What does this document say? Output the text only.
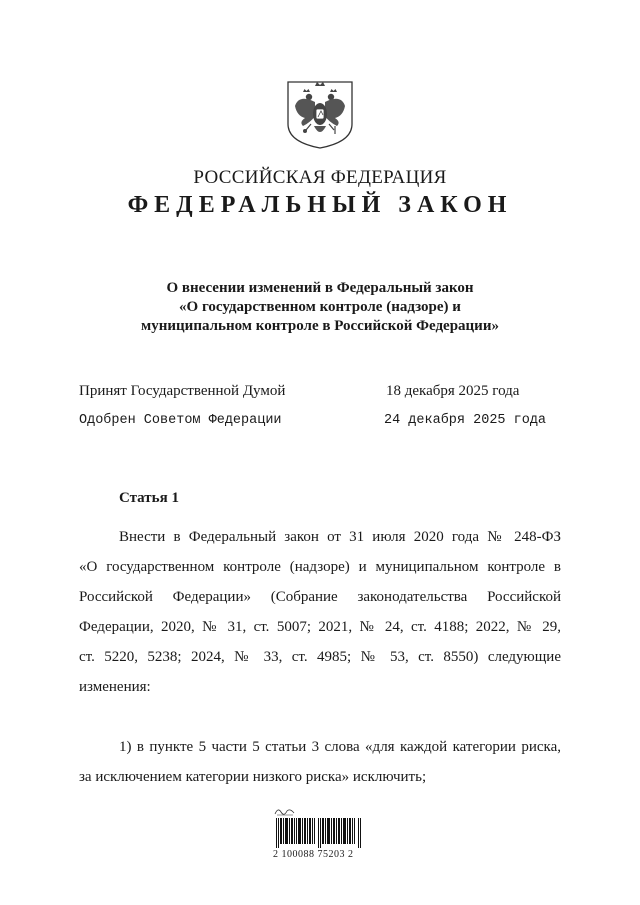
РОССИЙСКАЯ ФЕДЕРАЦИЯ
ФЕДЕРАЛЬНЫЙ ЗАКОН
О внесении изменений в Федеральный закон
«О государственном контроле (надзоре) и
муниципальном контроле в Российской Федерации»
Принят Государственной Думой	18 декабря 2025 года
Одобрен Советом Федерации	24 декабря 2025 года
Статья 1
Внести в Федеральный закон от 31 июля 2020 года № 248-ФЗ
«О государственном контроле (надзоре) и муниципальном контроле в
Российской Федерации» (Собрание законодательства Российской
Федерации, 2020, № 31, ст. 5007; 2021, № 24, ст. 4188; 2022, № 29,
ст. 5220, 5238; 2024, № 33, ст. 4985; № 53, ст. 8550) следующие
изменения:
1) в пункте 5 части 5 статьи 3 слова «для каждой категории риска,
за исключением категории низкого риска» исключить;
2 100088 75203 2
